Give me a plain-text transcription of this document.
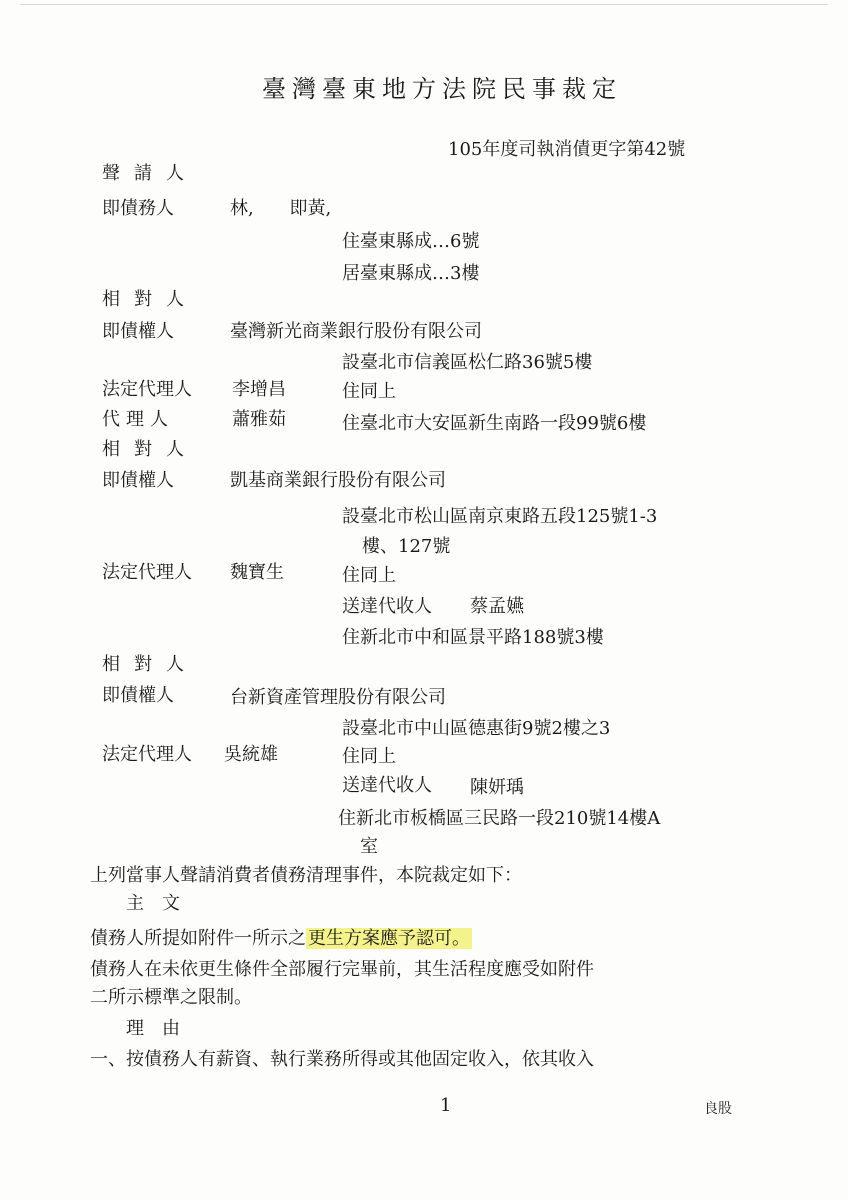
臺灣臺東地方法院民事裁定
105年度司執消債更字第42號
聲請人
即債務人	林, 即黃,
住臺東縣成…6號
居臺東縣成…3樓
相對人
即債權人	臺灣新光商業銀行股份有限公司
設臺北市信義區松仁路36號5樓
法定代理人 李增昌	住同上
代理人	蕭雅茹	住臺北市大安區新生南路一段99號6樓
相對人
即債權人	凱基商業銀行股份有限公司
設臺北市松山區南京東路五段125號1-3
樓、127號
法定代理人 魏寶生	住同上
送達代收人 蔡孟嬿
住新北市中和區景平路188號3樓
相對人
即債權人	台新資產管理股份有限公司
設臺北市中山區德惠街9號2樓之3
法定代理人 吳統雄	住同上
送達代收人 陳妍瑀
住新北市板橋區三民路一段210號14樓A
室
上列當事人聲請消費者債務清理事件，本院裁定如下：
主　文
債務人所提如附件一所示之 更生方案應予認可。
債務人在未依更生條件全部履行完畢前，其生活程度應受如附件
二所示標準之限制。
理　由
一、按債務人有薪資、執行業務所得或其他固定收入，依其收入
1	良股
